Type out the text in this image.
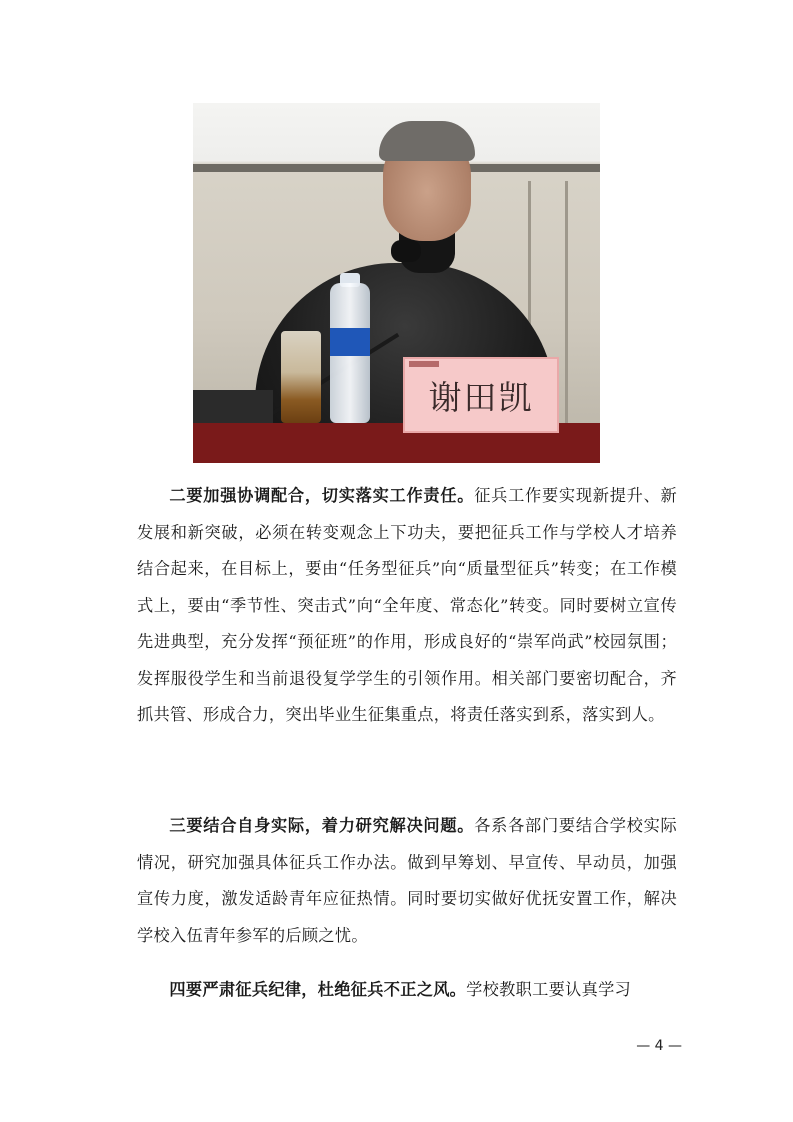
谢田凯
二要加强协调配合，切实落实工作责任。征兵工作要实现新提升、新发展和新突破，必须在转变观念上下功夫，要把征兵工作与学校人才培养结合起来，在目标上，要由“任务型征兵”向“质量型征兵”转变；在工作模式上，要由“季节性、突击式”向“全年度、常态化”转变。同时要树立宣传先进典型，充分发挥“预征班”的作用，形成良好的“崇军尚武”校园氛围；发挥服役学生和当前退役复学学生的引领作用。相关部门要密切配合，齐抓共管、形成合力，突出毕业生征集重点，将责任落实到系，落实到人。
三要结合自身实际，着力研究解决问题。各系各部门要结合学校实际情况，研究加强具体征兵工作办法。做到早筹划、早宣传、早动员，加强宣传力度，激发适龄青年应征热情。同时要切实做好优抚安置工作，解决学校入伍青年参军的后顾之忧。
四要严肃征兵纪律，杜绝征兵不正之风。学校教职工要认真学习
— 4 —
